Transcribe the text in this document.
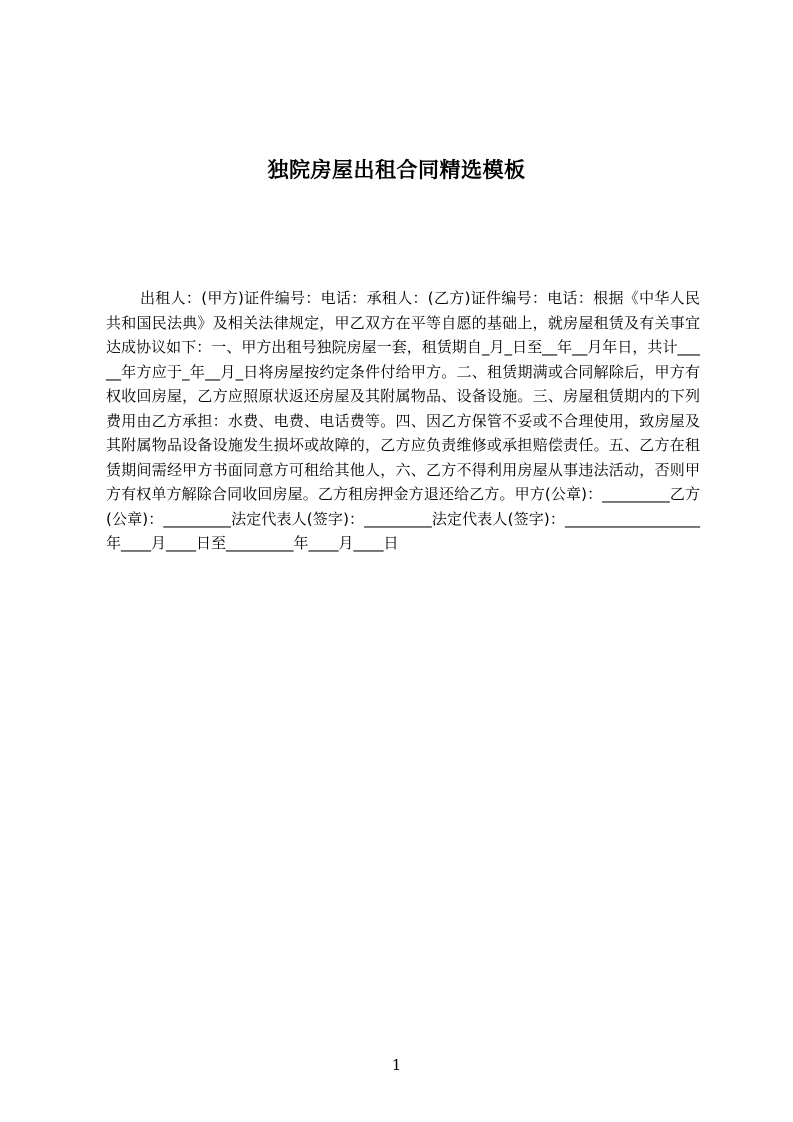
独院房屋出租合同精选模板

出租人：(甲方)证件编号：电话：承租人：(乙方)证件编号：电话：根据《中华人民共和国民法典》及相关法律规定，甲乙双方在平等自愿的基础上，就房屋租赁及有关事宜达成协议如下：一、甲方出租号独院房屋一套，租赁期自_月_日至__年__月年日，共计_____年方应于_年__月_日将房屋按约定条件付给甲方。二、租赁期满或合同解除后，甲方有权收回房屋，乙方应照原状返还房屋及其附属物品、设备设施。三、房屋租赁期内的下列费用由乙方承担：水费、电费、电话费等。四、因乙方保管不妥或不合理使用，致房屋及其附属物品设备设施发生损坏或故障的，乙方应负责维修或承担赔偿责任。五、乙方在租赁期间需经甲方书面同意方可租给其他人，六、乙方不得利用房屋从事违法活动，否则甲方有权单方解除合同收回房屋。乙方租房押金方退还给乙方。甲方(公章)：_________乙方(公章)：_________法定代表人(签字)：_________法定代表人(签字)：__________________年____月____日至_________年____月____日

1
